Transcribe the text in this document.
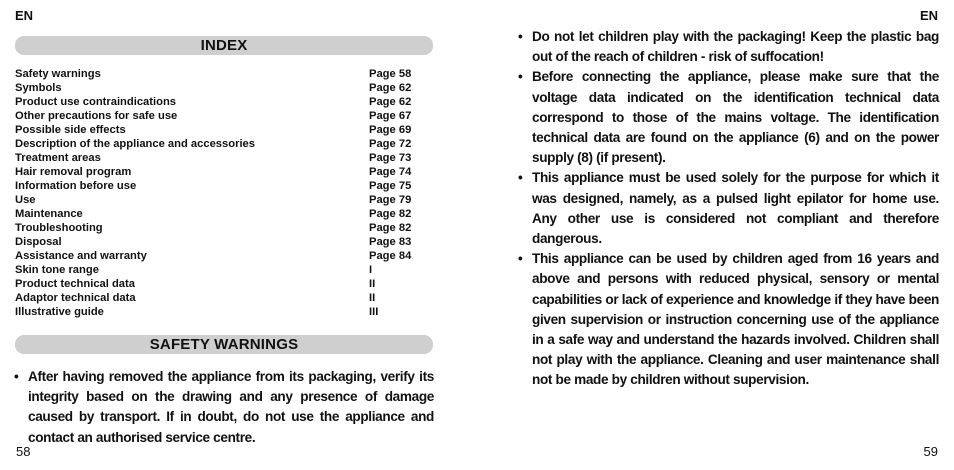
EN
INDEX
Safety warnings	Page 58
Symbols	Page 62
Product use contraindications	Page 62
Other precautions for safe use	Page 67
Possible side effects	Page 69
Description of the appliance and accessories	Page 72
Treatment areas	Page 73
Hair removal program	Page 74
Information before use	Page 75
Use	Page 79
Maintenance	Page 82
Troubleshooting	Page 82
Disposal	Page 83
Assistance and warranty	Page 84
Skin tone range	I
Product technical data	II
Adaptor technical data	II
Illustrative guide	III
SAFETY WARNINGS
• After having removed the appliance from its packaging, verify its integrity based on the drawing and any presence of damage caused by transport. If in doubt, do not use the appliance and contact an authorised service centre.
58
EN
• Do not let children play with the packaging! Keep the plastic bag out of the reach of children - risk of suffocation!
• Before connecting the appliance, please make sure that the voltage data indicated on the identification technical data correspond to those of the mains voltage. The identification technical data are found on the appliance (6) and on the power supply (8) (if present).
• This appliance must be used solely for the purpose for which it was designed, namely, as a pulsed light epilator for home use. Any other use is considered not compliant and therefore dangerous.
• This appliance can be used by children aged from 16 years and above and persons with reduced physical, sensory or mental capabilities or lack of experience and knowledge if they have been given supervision or instruction concerning use of the appliance in a safe way and understand the hazards involved. Children shall not play with the appliance. Cleaning and user maintenance shall not be made by children without supervision.
59
